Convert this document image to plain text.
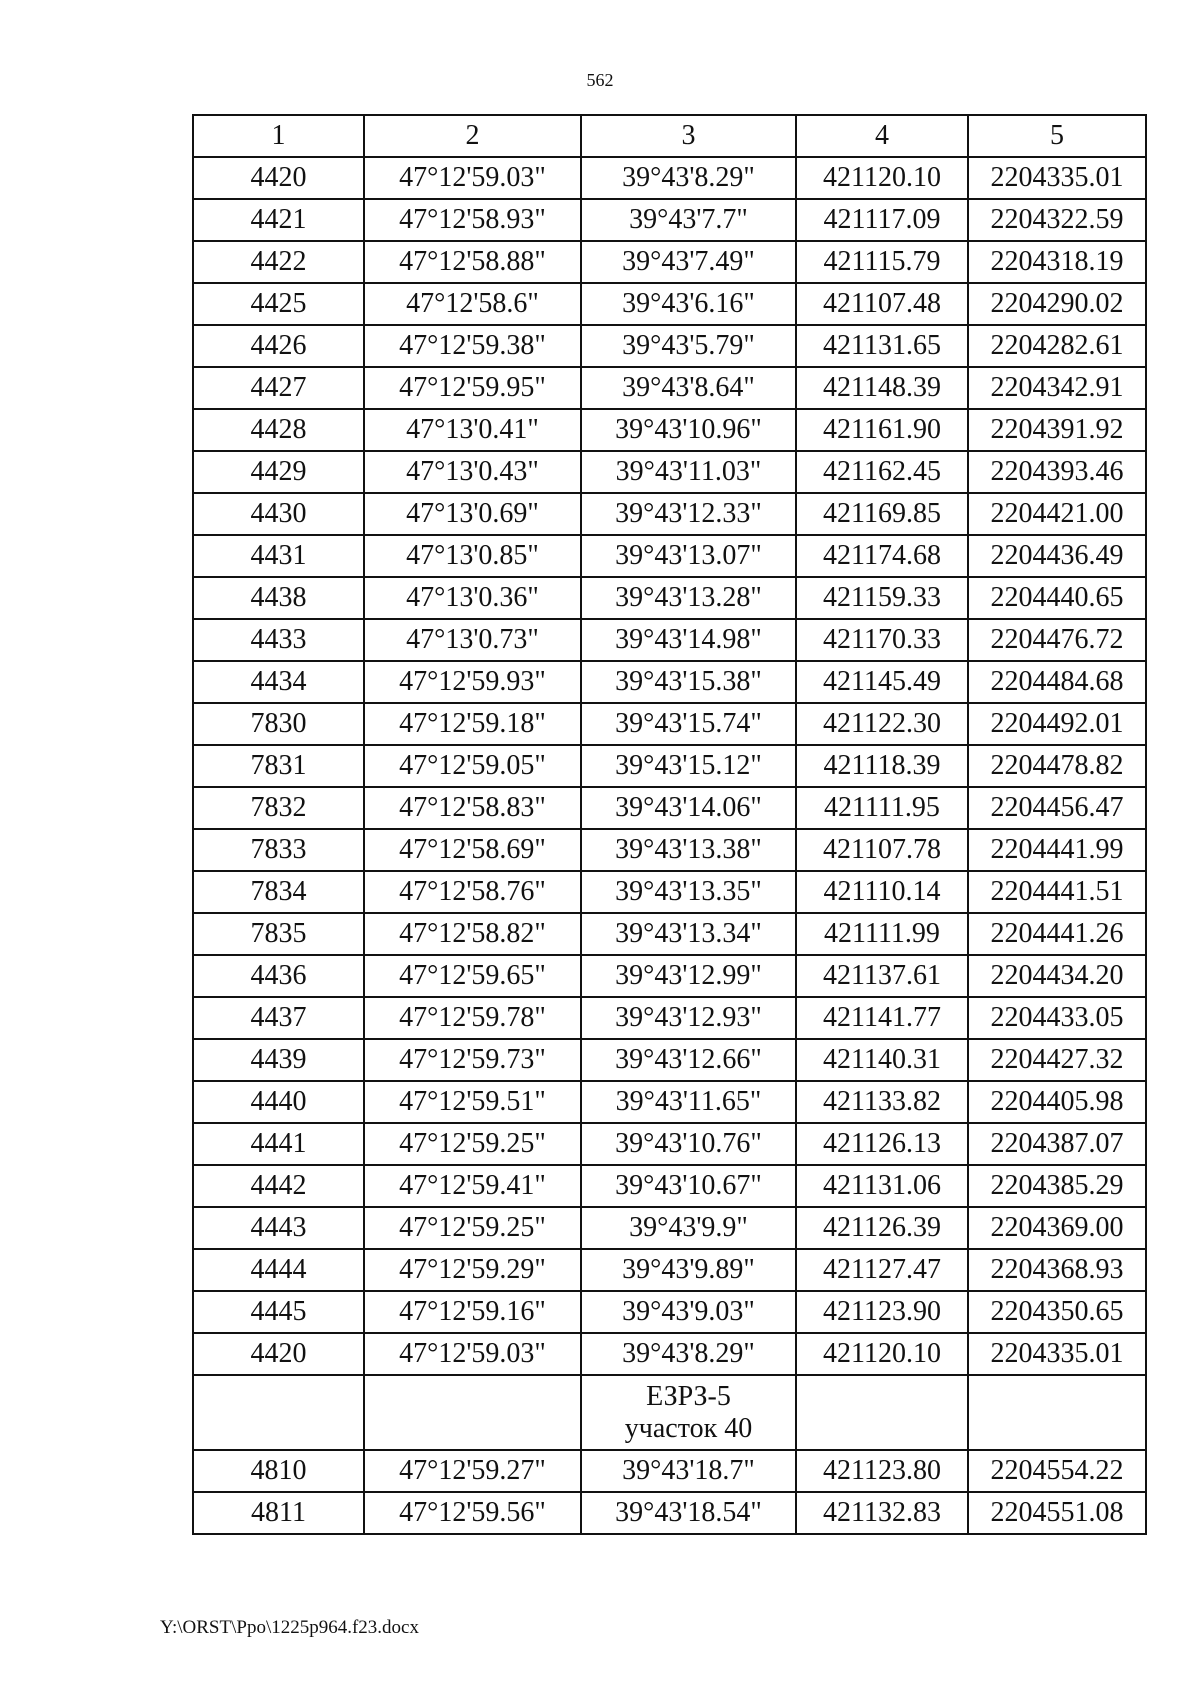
562
1	2	3	4	5
4420	47°12'59.03"	39°43'8.29"	421120.10	2204335.01
4421	47°12'58.93"	39°43'7.7"	421117.09	2204322.59
4422	47°12'58.88"	39°43'7.49"	421115.79	2204318.19
4425	47°12'58.6"	39°43'6.16"	421107.48	2204290.02
4426	47°12'59.38"	39°43'5.79"	421131.65	2204282.61
4427	47°12'59.95"	39°43'8.64"	421148.39	2204342.91
4428	47°13'0.41"	39°43'10.96"	421161.90	2204391.92
4429	47°13'0.43"	39°43'11.03"	421162.45	2204393.46
4430	47°13'0.69"	39°43'12.33"	421169.85	2204421.00
4431	47°13'0.85"	39°43'13.07"	421174.68	2204436.49
4438	47°13'0.36"	39°43'13.28"	421159.33	2204440.65
4433	47°13'0.73"	39°43'14.98"	421170.33	2204476.72
4434	47°12'59.93"	39°43'15.38"	421145.49	2204484.68
7830	47°12'59.18"	39°43'15.74"	421122.30	2204492.01
7831	47°12'59.05"	39°43'15.12"	421118.39	2204478.82
7832	47°12'58.83"	39°43'14.06"	421111.95	2204456.47
7833	47°12'58.69"	39°43'13.38"	421107.78	2204441.99
7834	47°12'58.76"	39°43'13.35"	421110.14	2204441.51
7835	47°12'58.82"	39°43'13.34"	421111.99	2204441.26
4436	47°12'59.65"	39°43'12.99"	421137.61	2204434.20
4437	47°12'59.78"	39°43'12.93"	421141.77	2204433.05
4439	47°12'59.73"	39°43'12.66"	421140.31	2204427.32
4440	47°12'59.51"	39°43'11.65"	421133.82	2204405.98
4441	47°12'59.25"	39°43'10.76"	421126.13	2204387.07
4442	47°12'59.41"	39°43'10.67"	421131.06	2204385.29
4443	47°12'59.25"	39°43'9.9"	421126.39	2204369.00
4444	47°12'59.29"	39°43'9.89"	421127.47	2204368.93
4445	47°12'59.16"	39°43'9.03"	421123.90	2204350.65
4420	47°12'59.03"	39°43'8.29"	421120.10	2204335.01

		ЕЗРЗ-5
участок 40		

4810	47°12'59.27"	39°43'18.7"	421123.80	2204554.22
4811	47°12'59.56"	39°43'18.54"	421132.83	2204551.08
Y:\ORST\Ppo\1225p964.f23.docx
